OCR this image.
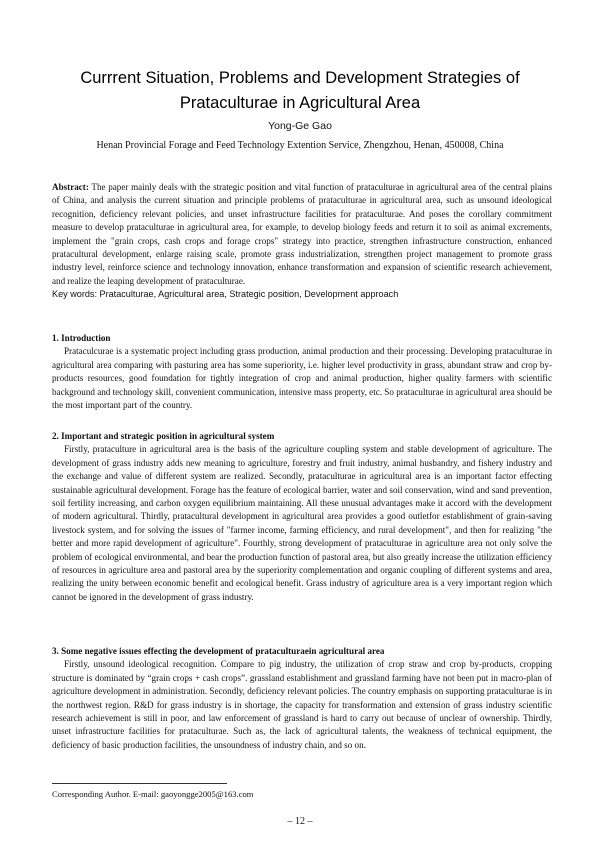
Currrent Situation, Problems and Development Strategies of
Prataculturae in Agricultural Area
Yong-Ge Gao
Henan Provincial Forage and Feed Technology Extention Service, Zhengzhou, Henan, 450008, China

Abstract: The paper mainly deals with the strategic position and vital function of prataculturae in agricultural area of the central plains of China, and analysis the current situation and principle problems of prataculturae in agricultural area, such as unsound ideological recognition, deficiency relevant policies, and unset infrastructure facilities for prataculturae. And poses the corollary commitment measure to develop prataculturae in agricultural area, for example, to develop biology feeds and return it to soil as animal excrements, implement the "grain crops, cash crops and forage crops" strategy into practice, strengthen infrastructure construction, enhanced pratacultural development, enlarge raising scale, promote grass industrialization, strengthen project management to promote grass industry level, reinforce science and technology innovation, enhance transformation and expansion of scientific research achievement, and realize the leaping development of prataculturae.

Key words: Prataculturae, Agricultural area, Strategic position, Development approach

1. Introduction

Prataculcurae is a systematic project including grass production, animal production and their processing. Developing prataculturae in agricultural area comparing with pasturing area has some superiority, i.e. higher level productivity in grass, abundant straw and crop by-products resources, good foundation for tightly integration of crop and animal production, higher quality farmers with scientific background and technology skill, convenient communication, intensive mass property, etc. So prataculturae in agricultural area should be the most important part of the country.

2. Important and strategic position in agricultural system

Firstly, prataculture in agricultural area is the basis of the agriculture coupling system and stable development of agriculture. The development of grass industry adds new meaning to agriculture, forestry and fruit industry, animal husbandry, and fishery industry and the exchange and value of different system are realized. Secondly, prataculturae in agricultural area is an important factor effecting sustainable agricultural development. Forage has the feature of ecological barrier, water and soil conservation, wind and sand prevention, soil fertility increasing, and carbon oxygen equilibrium maintaining. All these unusual advantages make it accord with the development of modern agricultural. Thirdly, pratacultural development in agricultural area provides a good outletfor establishment of grain-saving livestock system, and for solving the issues of "farmer income, farming efficiency, and rural development", and then for realizing "the better and more rapid development of agriculture". Fourthly, strong development of prataculturae in agriculture area not only solve the problem of ecological environmental, and bear the production function of pastoral area, but also greatly increase the utilization efficiency of resources in agriculture area and pastoral area by the superiority complementation and organic coupling of different systems and area, realizing the unity between economic benefit and ecological benefit. Grass industry of agriculture area is a very important region which cannot be ignored in the development of grass industry.

3. Some negative issues effecting the development of prataculturaein agricultural area

Firstly, unsound ideological recognition. Compare to pig industry, the utilization of crop straw and crop by-products, cropping structure is dominated by “grain crops + cash crops”. grassland establishment and grassland farming have not been put in macro-plan of agriculture development in administration. Secondly, deficiency relevant policies. The country emphasis on supporting prataculturae is in the northwest region. R&D for grass industry is in shortage, the capacity for transformation and extension of grass industry scientific research achievement is still in poor, and law enforcement of grassland is hard to carry out because of unclear of ownership. Thirdly, unset infrastructure facilities for prataculturae. Such as, the lack of agricultural talents, the weakness of technical equipment, the deficiency of basic production facilities, the unsoundness of industry chain, and so on.

Corresponding Author. E-mail: gaoyongge2005@163.com
– 12 –
